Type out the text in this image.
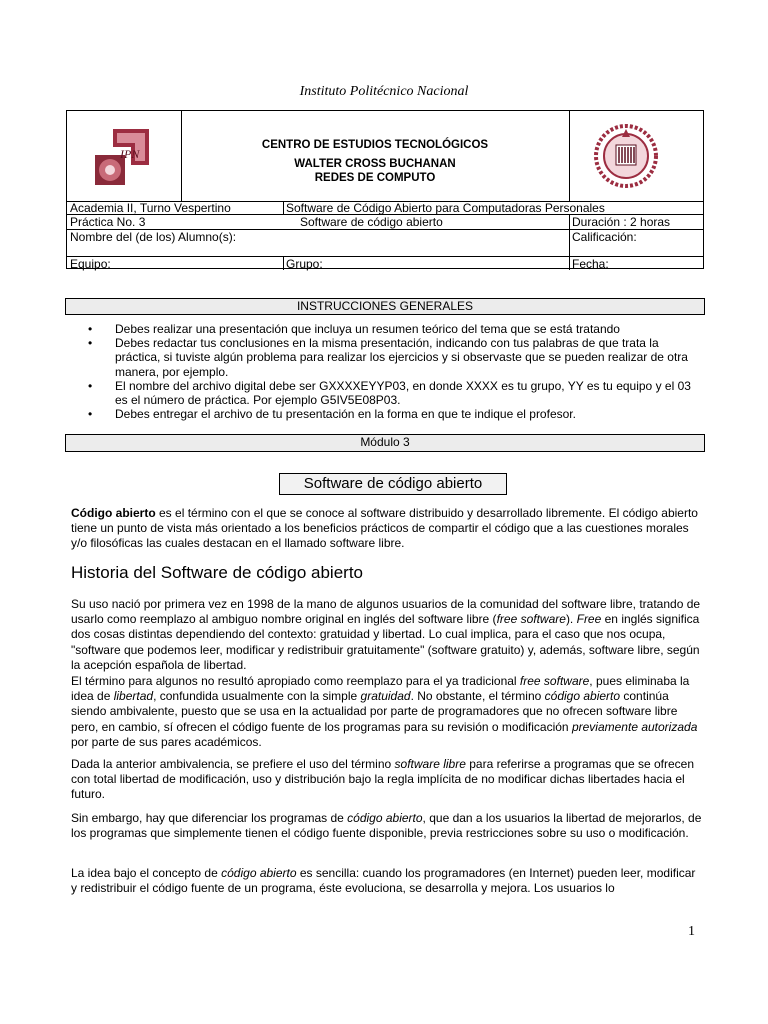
Instituto Politécnico Nacional
IPN
CENTRO DE ESTUDIOS TECNOLÓGICOS
WALTER CROSS BUCHANAN
REDES DE COMPUTO
Academia II, Turno Vespertino	Software de Código Abierto para Computadoras Personales
Práctica No. 3	Software de código abierto	Duración : 2 horas
Nombre del (de los) Alumno(s):	Calificación:
Equipo:	Grupo:	Fecha:
INSTRUCCIONES GENERALES
• Debes realizar una presentación que incluya un resumen teórico del tema que se está tratando
• Debes redactar tus conclusiones en la misma presentación, indicando con tus palabras de que trata la práctica, si tuviste algún problema para realizar los ejercicios y si observaste que se pueden realizar de otra manera, por ejemplo.
• El nombre del archivo digital debe ser GXXXXEYYP03, en donde XXXX es tu grupo, YY es tu equipo y el 03 es el número de práctica. Por ejemplo G5IV5E08P03.
• Debes entregar el archivo de tu presentación en la forma en que te indique el profesor.
Módulo 3
Software de código abierto
Código abierto es el término con el que se conoce al software distribuido y desarrollado libremente. El código abierto tiene un punto de vista más orientado a los beneficios prácticos de compartir el código que a las cuestiones morales y/o filosóficas las cuales destacan en el llamado software libre.
Historia del Software de código abierto
Su uso nació por primera vez en 1998 de la mano de algunos usuarios de la comunidad del software libre, tratando de usarlo como reemplazo al ambiguo nombre original en inglés del software libre (free software). Free en inglés significa dos cosas distintas dependiendo del contexto: gratuidad y libertad. Lo cual implica, para el caso que nos ocupa, "software que podemos leer, modificar y redistribuir gratuitamente" (software gratuito) y, además, software libre, según la acepción española de libertad.
El término para algunos no resultó apropiado como reemplazo para el ya tradicional free software, pues eliminaba la idea de libertad, confundida usualmente con la simple gratuidad. No obstante, el término código abierto continúa siendo ambivalente, puesto que se usa en la actualidad por parte de programadores que no ofrecen software libre pero, en cambio, sí ofrecen el código fuente de los programas para su revisión o modificación previamente autorizada por parte de sus pares académicos.
Dada la anterior ambivalencia, se prefiere el uso del término software libre para referirse a programas que se ofrecen con total libertad de modificación, uso y distribución bajo la regla implícita de no modificar dichas libertades hacia el futuro.
Sin embargo, hay que diferenciar los programas de código abierto, que dan a los usuarios la libertad de mejorarlos, de los programas que simplemente tienen el código fuente disponible, previa restricciones sobre su uso o modificación.
La idea bajo el concepto de código abierto es sencilla: cuando los programadores (en Internet) pueden leer, modificar y redistribuir el código fuente de un programa, éste evoluciona, se desarrolla y mejora. Los usuarios lo
1
